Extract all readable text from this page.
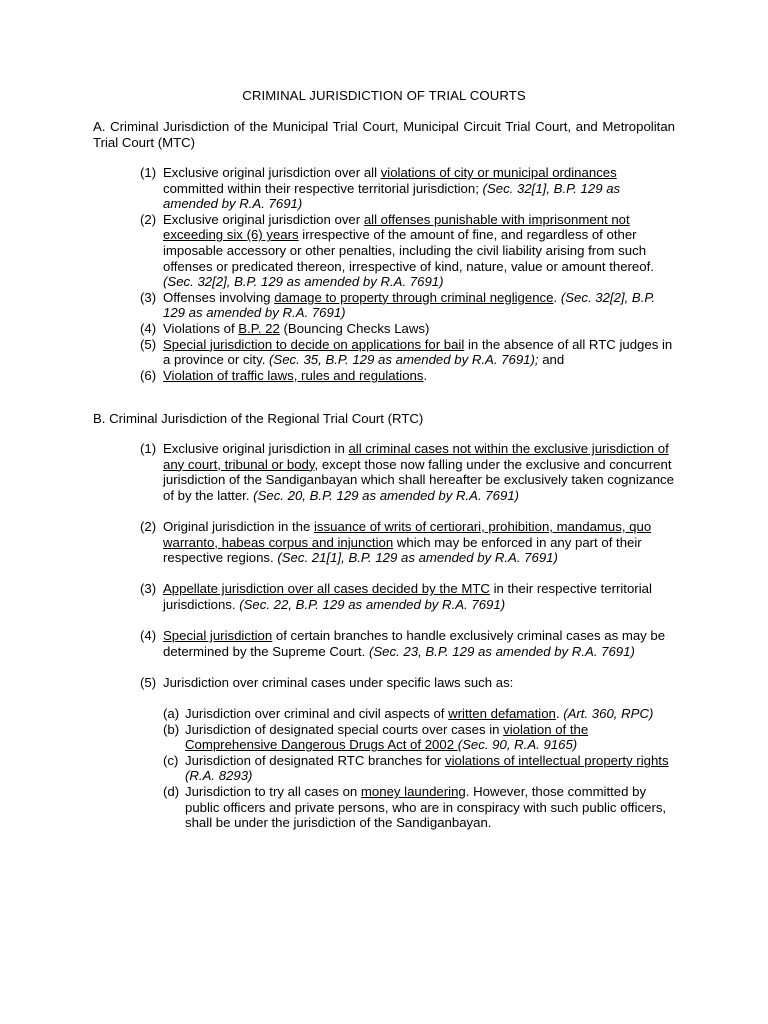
CRIMINAL JURISDICTION OF TRIAL COURTS
A. Criminal Jurisdiction of the Municipal Trial Court, Municipal Circuit Trial Court, and Metropolitan Trial Court (MTC)
(1) Exclusive original jurisdiction over all violations of city or municipal ordinances committed within their respective territorial jurisdiction; (Sec. 32[1], B.P. 129 as amended by R.A. 7691)
(2) Exclusive original jurisdiction over all offenses punishable with imprisonment not exceeding six (6) years irrespective of the amount of fine, and regardless of other imposable accessory or other penalties, including the civil liability arising from such offenses or predicated thereon, irrespective of kind, nature, value or amount thereof. (Sec. 32[2], B.P. 129 as amended by R.A. 7691)
(3) Offenses involving damage to property through criminal negligence. (Sec. 32[2], B.P. 129 as amended by R.A. 7691)
(4) Violations of B.P. 22 (Bouncing Checks Laws)
(5) Special jurisdiction to decide on applications for bail in the absence of all RTC judges in a province or city. (Sec. 35, B.P. 129 as amended by R.A. 7691); and
(6) Violation of traffic laws, rules and regulations.
B. Criminal Jurisdiction of the Regional Trial Court (RTC)
(1) Exclusive original jurisdiction in all criminal cases not within the exclusive jurisdiction of any court, tribunal or body, except those now falling under the exclusive and concurrent jurisdiction of the Sandiganbayan which shall hereafter be exclusively taken cognizance of by the latter. (Sec. 20, B.P. 129 as amended by R.A. 7691)
(2) Original jurisdiction in the issuance of writs of certiorari, prohibition, mandamus, quo warranto, habeas corpus and injunction which may be enforced in any part of their respective regions. (Sec. 21[1], B.P. 129 as amended by R.A. 7691)
(3) Appellate jurisdiction over all cases decided by the MTC in their respective territorial jurisdictions. (Sec. 22, B.P. 129 as amended by R.A. 7691)
(4) Special jurisdiction of certain branches to handle exclusively criminal cases as may be determined by the Supreme Court. (Sec. 23, B.P. 129 as amended by R.A. 7691)
(5) Jurisdiction over criminal cases under specific laws such as:
(a) Jurisdiction over criminal and civil aspects of written defamation. (Art. 360, RPC)
(b) Jurisdiction of designated special courts over cases in violation of the Comprehensive Dangerous Drugs Act of 2002 (Sec. 90, R.A. 9165)
(c) Jurisdiction of designated RTC branches for violations of intellectual property rights (R.A. 8293)
(d) Jurisdiction to try all cases on money laundering. However, those committed by public officers and private persons, who are in conspiracy with such public officers, shall be under the jurisdiction of the Sandiganbayan.
